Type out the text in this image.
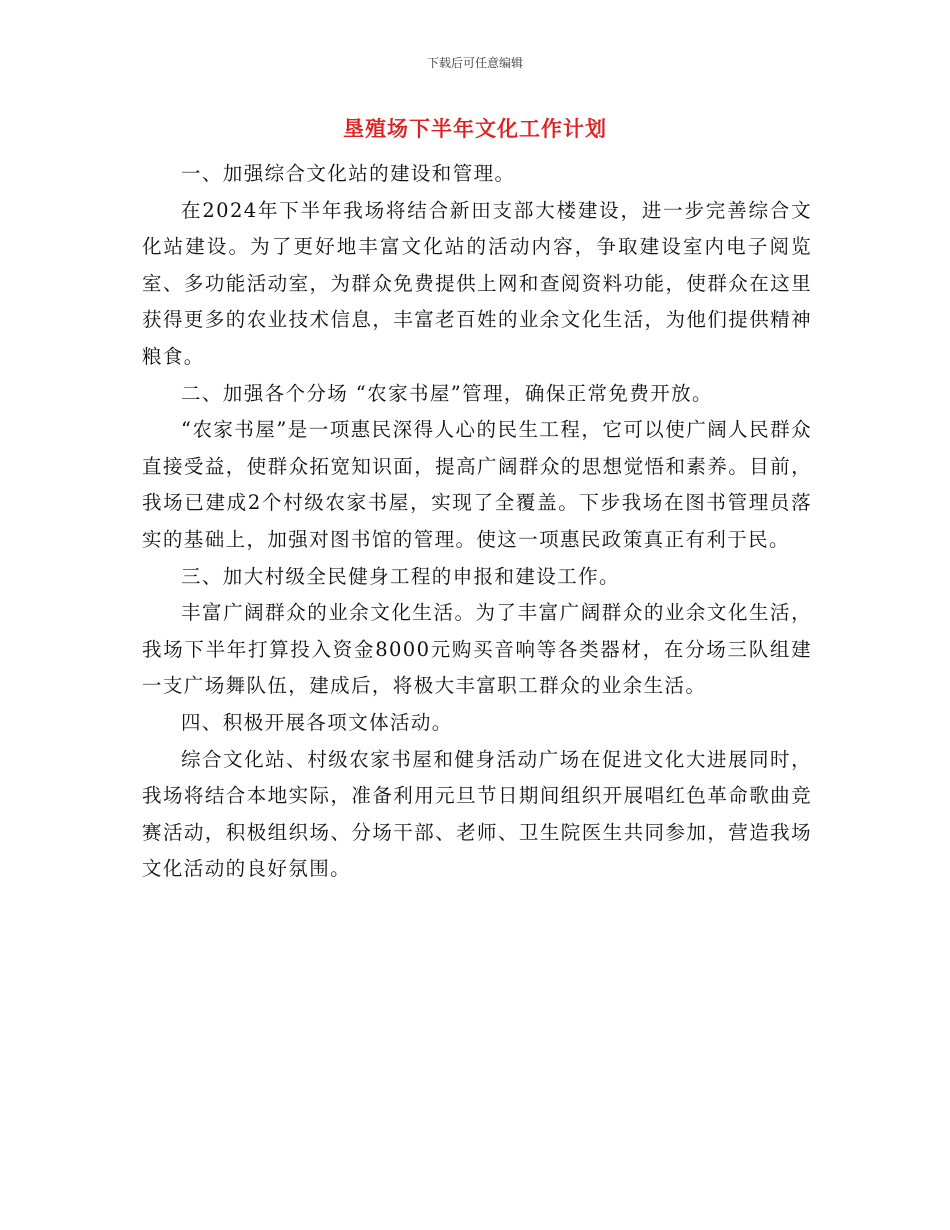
下载后可任意编辑
垦殖场下半年文化工作计划

一、加强综合文化站的建设和管理。

在2024年下半年我场将结合新田支部大楼建设，进一步完善综合文化站建设。为了更好地丰富文化站的活动内容，争取建设室内电子阅览室、多功能活动室，为群众免费提供上网和查阅资料功能，使群众在这里获得更多的农业技术信息，丰富老百姓的业余文化生活，为他们提供精神粮食。

二、加强各个分场 “农家书屋”管理，确保正常免费开放。

“农家书屋”是一项惠民深得人心的民生工程，它可以使广阔人民群众直接受益，使群众拓宽知识面，提高广阔群众的思想觉悟和素养。目前，我场已建成2个村级农家书屋，实现了全覆盖。下步我场在图书管理员落实的基础上，加强对图书馆的管理。使这一项惠民政策真正有利于民。

三、加大村级全民健身工程的申报和建设工作。

丰富广阔群众的业余文化生活。为了丰富广阔群众的业余文化生活，我场下半年打算投入资金8000元购买音响等各类器材，在分场三队组建一支广场舞队伍，建成后，将极大丰富职工群众的业余生活。

四、积极开展各项文体活动。

综合文化站、村级农家书屋和健身活动广场在促进文化大进展同时，我场将结合本地实际，准备利用元旦节日期间组织开展唱红色革命歌曲竞赛活动，积极组织场、分场干部、老师、卫生院医生共同参加，营造我场文化活动的良好氛围。
